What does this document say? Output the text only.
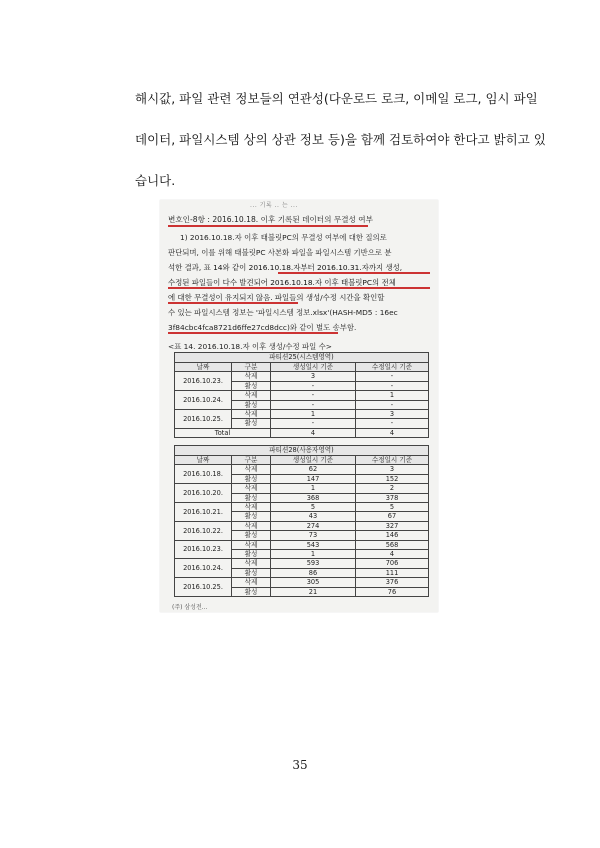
해시값, 파일 관련 정보들의 연관성(다운로드 로크, 이메일 로그, 임시 파일
데이터, 파일시스템 상의 상관 정보 등)을 함께 검토하여야 한다고 밝히고 있
습니다.
... 기록 .. 는 ...
변호인-8항 : 2016.10.18. 이후 기록된 데이터의 무결성 여부
1) 2016.10.18.자 이후 태블릿PC의 무결성 여부에 대한 질의로
판단되며, 이를 위해 태블릿PC 사본화 파일을 파일시스템 기반으로 분
석한 결과, 표 14와 같이 2016.10.18.자부터 2016.10.31.자까지 생성,
수정된 파일들이 다수 발견되어 2016.10.18.자 이후 태블릿PC의 전체
에 대한 무결성이 유지되지 않음. 파일들의 생성/수정 시간을 확인할
수 있는 파일시스템 정보는 '파일시스템 정보.xlsx'(HASH-MD5 : 16ec
3f84cbc4fca8721d6ffe27cd8dcc)와 같이 별도 송부함.
<표 14. 2016.10.18.자 이후 생성/수정 파일 수>
파티션25(시스템영역)			
날짜	구분	생성일시 기준	수정일시 기준
2016.10.23.	삭제	3	-
	활성	-	-
2016.10.24.	삭제	-	1
	활성	-	-
2016.10.25.	삭제	1	3
	활성	-	-
Total		4	4
파티션28(사용자영역)			
날짜	구분	생성일시 기준	수정일시 기준
2016.10.18.	삭제	62	3
	활성	147	152
2016.10.20.	삭제	1	2
	활성	368	378
2016.10.21.	삭제	5	5
	활성	43	67
2016.10.22.	삭제	274	327
	활성	73	146
2016.10.23.	삭제	543	568
	활성	1	4
2016.10.24.	삭제	593	706
	활성	86	111
2016.10.25.	삭제	305	376
	활성	21	76
(주) 삼성전...
35
